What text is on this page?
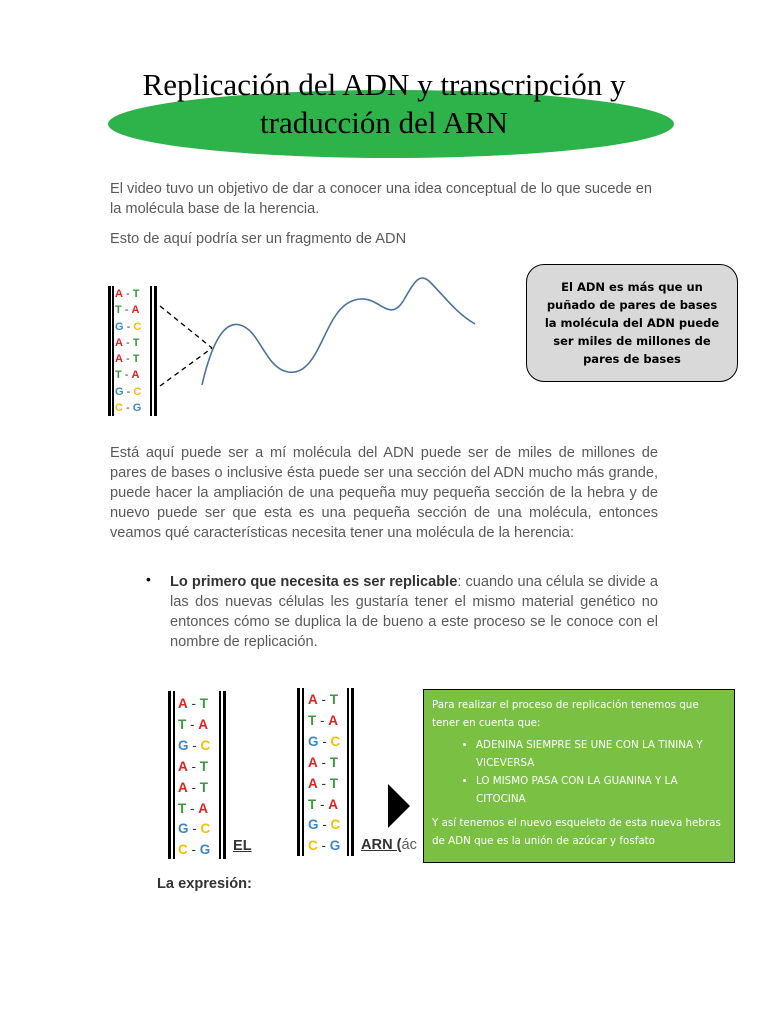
Replicación del ADN y transcripción y traducción del ARN

El video tuvo un objetivo de dar a conocer una idea conceptual de lo que sucede en la molécula base de la herencia.

Esto de aquí podría ser un fragmento de ADN

A - T
T - A
G - C
A - T
A - T
T - A
G - C
C - G
El ADN es más que un puñado de pares de bases la molécula del ADN puede ser miles de millones de pares de bases

Está aquí puede ser a mí molécula del ADN puede ser de miles de millones de pares de bases o inclusive ésta puede ser una sección del ADN mucho más grande, puede hacer la ampliación de una pequeña muy pequeña sección de la hebra y de nuevo puede ser que esta es una pequeña sección de una molécula, entonces veamos qué características necesita tener una molécula de la herencia:

• Lo primero que necesita es ser replicable: cuando una célula se divide a las dos nuevas células les gustaría tener el mismo material genético no entonces cómo se duplica la de bueno a este proceso se le conoce con el nombre de replicación.

A - T
T - A
G - C
A - T
A - T
T - A
G - C
C - G EL
A - T
T - A
G - C
A - T
A - T
T - A
G - C
C - G ARN (ác

Para realizar el proceso de replicación tenemos que tener en cuenta que:

• ADENINA SIEMPRE SE UNE CON LA TININA Y VICEVERSA
• LO MISMO PASA CON LA GUANINA Y LA CITOCINA

Y así tenemos el nuevo esqueleto de esta nueva hebras de ADN que es la unión de azúcar y fosfato

La expresión:
